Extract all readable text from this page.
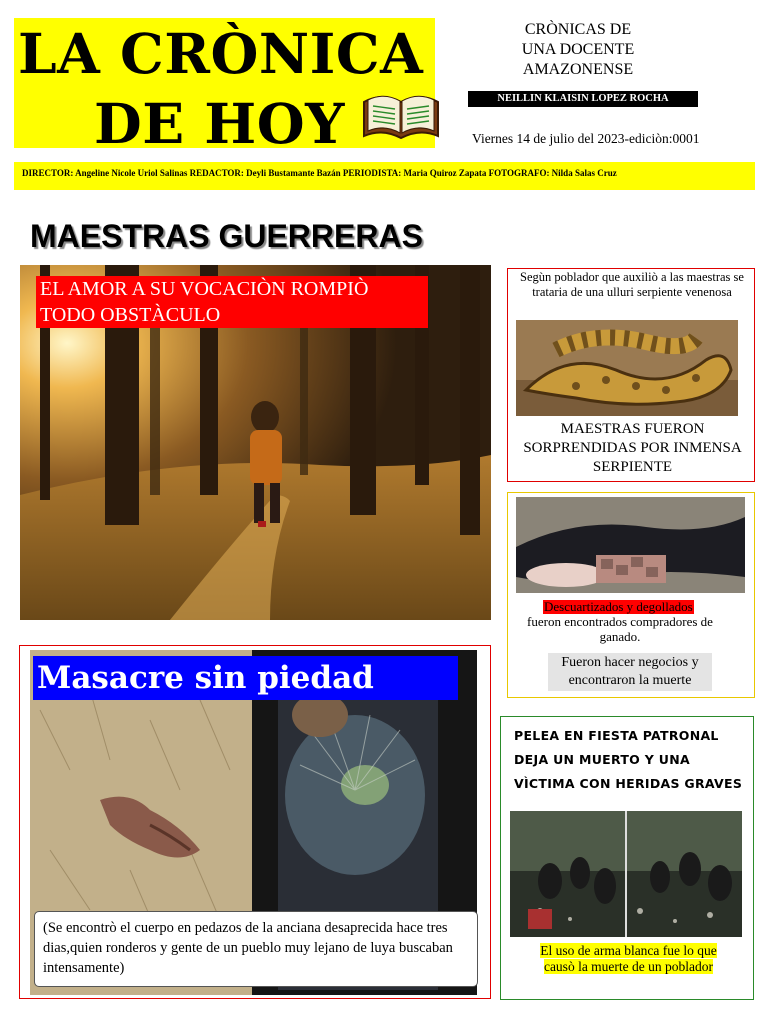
LA CRÒNICA
DE HOY
CRÒNICAS DE UNA DOCENTE AMAZONENSE
NEILLIN KLAISIN LOPEZ ROCHA
Viernes 14 de julio del 2023-ediciòn:0001
DIRECTOR: Angeline Nicole Uriol Salinas REDACTOR: Deyli Bustamante Bazán PERIODISTA: Maria Quiroz Zapata FOTOGRAFO: Nilda Salas Cruz
MAESTRAS GUERRERAS
EL AMOR A SU VOCACIÒN ROMPIÒ TODO OBSTÀCULO
Segùn poblador que auxiliò a las maestras se trataria de una ulluri serpiente venenosa
MAESTRAS FUERON SORPRENDIDAS POR INMENSA SERPIENTE
Descuartizados y degollados
fueron encontrados compradores de ganado.
Fueron hacer negocios y encontraron la muerte
Masacre sin piedad
(Se encontrò el cuerpo en pedazos de la anciana desaprecida hace tres dias,quien ronderos y gente de un pueblo muy lejano de luya buscaban intensamente)
PELEA EN FIESTA PATRONAL DEJA UN MUERTO Y UNA VÌCTIMA CON HERIDAS GRAVES
El uso de arma blanca fue lo que causò la muerte de un poblador
